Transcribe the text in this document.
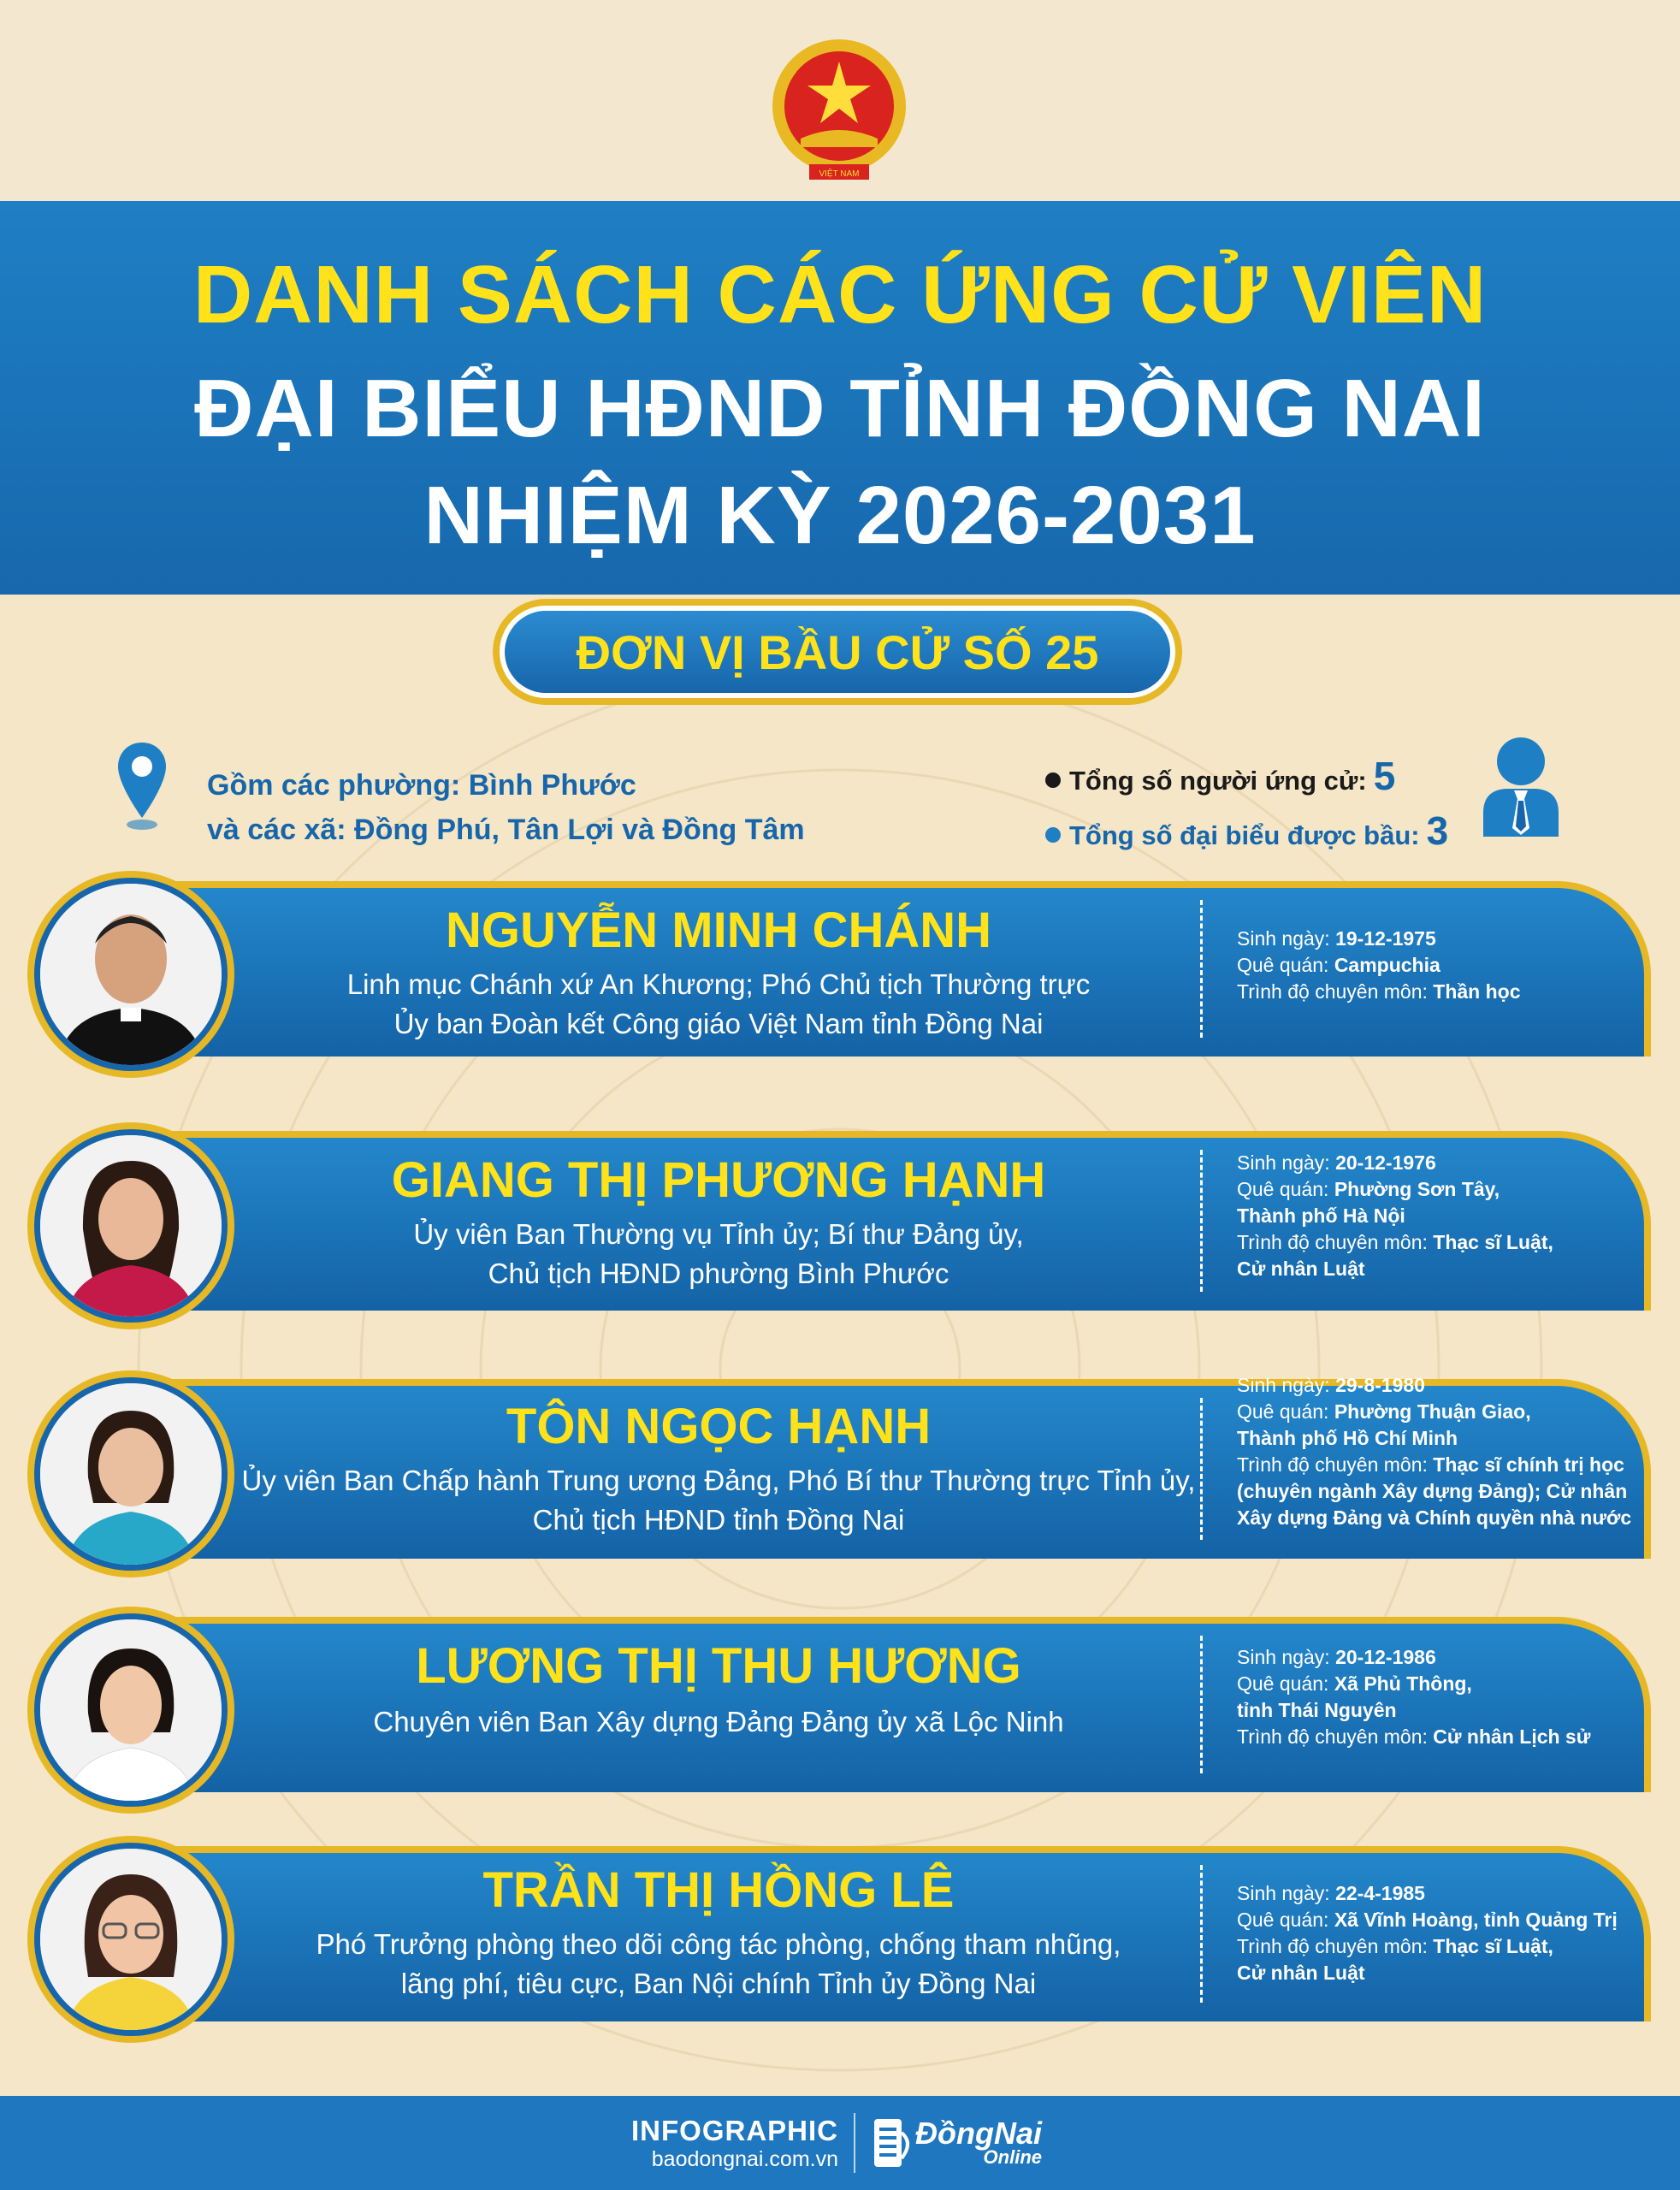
VIỆT NAM
DANH SÁCH CÁC ỨNG CỬ VIÊN
ĐẠI BIỂU HĐND TỈNH ĐỒNG NAI
NHIỆM KỲ 2026-2031
ĐƠN VỊ BẦU CỬ SỐ 25
Gồm các phường: Bình Phước
và các xã: Đồng Phú, Tân Lợi và Đồng Tâm
Tổng số người ứng cử: 5
Tổng số đại biểu được bầu: 3
NGUYỄN MINH CHÁNH
Linh mục Chánh xứ An Khương; Phó Chủ tịch Thường trực
Ủy ban Đoàn kết Công giáo Việt Nam tỉnh Đồng Nai
Sinh ngày: 19-12-1975
Quê quán: Campuchia
Trình độ chuyên môn: Thần học
GIANG THỊ PHƯƠNG HẠNH
Ủy viên Ban Thường vụ Tỉnh ủy; Bí thư Đảng ủy,
Chủ tịch HĐND phường Bình Phước
Sinh ngày: 20-12-1976
Quê quán: Phường Sơn Tây,
Thành phố Hà Nội
Trình độ chuyên môn: Thạc sĩ Luật,
Cử nhân Luật
TÔN NGỌC HẠNH
Ủy viên Ban Chấp hành Trung ương Đảng, Phó Bí thư Thường trực Tỉnh ủy,
Chủ tịch HĐND tỉnh Đồng Nai
Sinh ngày: 29-8-1980
Quê quán: Phường Thuận Giao,
Thành phố Hồ Chí Minh
Trình độ chuyên môn: Thạc sĩ chính trị học
(chuyên ngành Xây dựng Đảng); Cử nhân
Xây dựng Đảng và Chính quyền nhà nước
LƯƠNG THỊ THU HƯƠNG
Chuyên viên Ban Xây dựng Đảng Đảng ủy xã Lộc Ninh
Sinh ngày: 20-12-1986
Quê quán: Xã Phủ Thông,
tỉnh Thái Nguyên
Trình độ chuyên môn: Cử nhân Lịch sử
TRẦN THỊ HỒNG LÊ
Phó Trưởng phòng theo dõi công tác phòng, chống tham nhũng,
lãng phí, tiêu cực, Ban Nội chính Tỉnh ủy Đồng Nai
Sinh ngày: 22-4-1985
Quê quán: Xã Vĩnh Hoàng, tỉnh Quảng Trị
Trình độ chuyên môn: Thạc sĩ Luật,
Cử nhân Luật
INFOGRAPHIC
baodongnai.com.vn
ĐồngNai
Online
